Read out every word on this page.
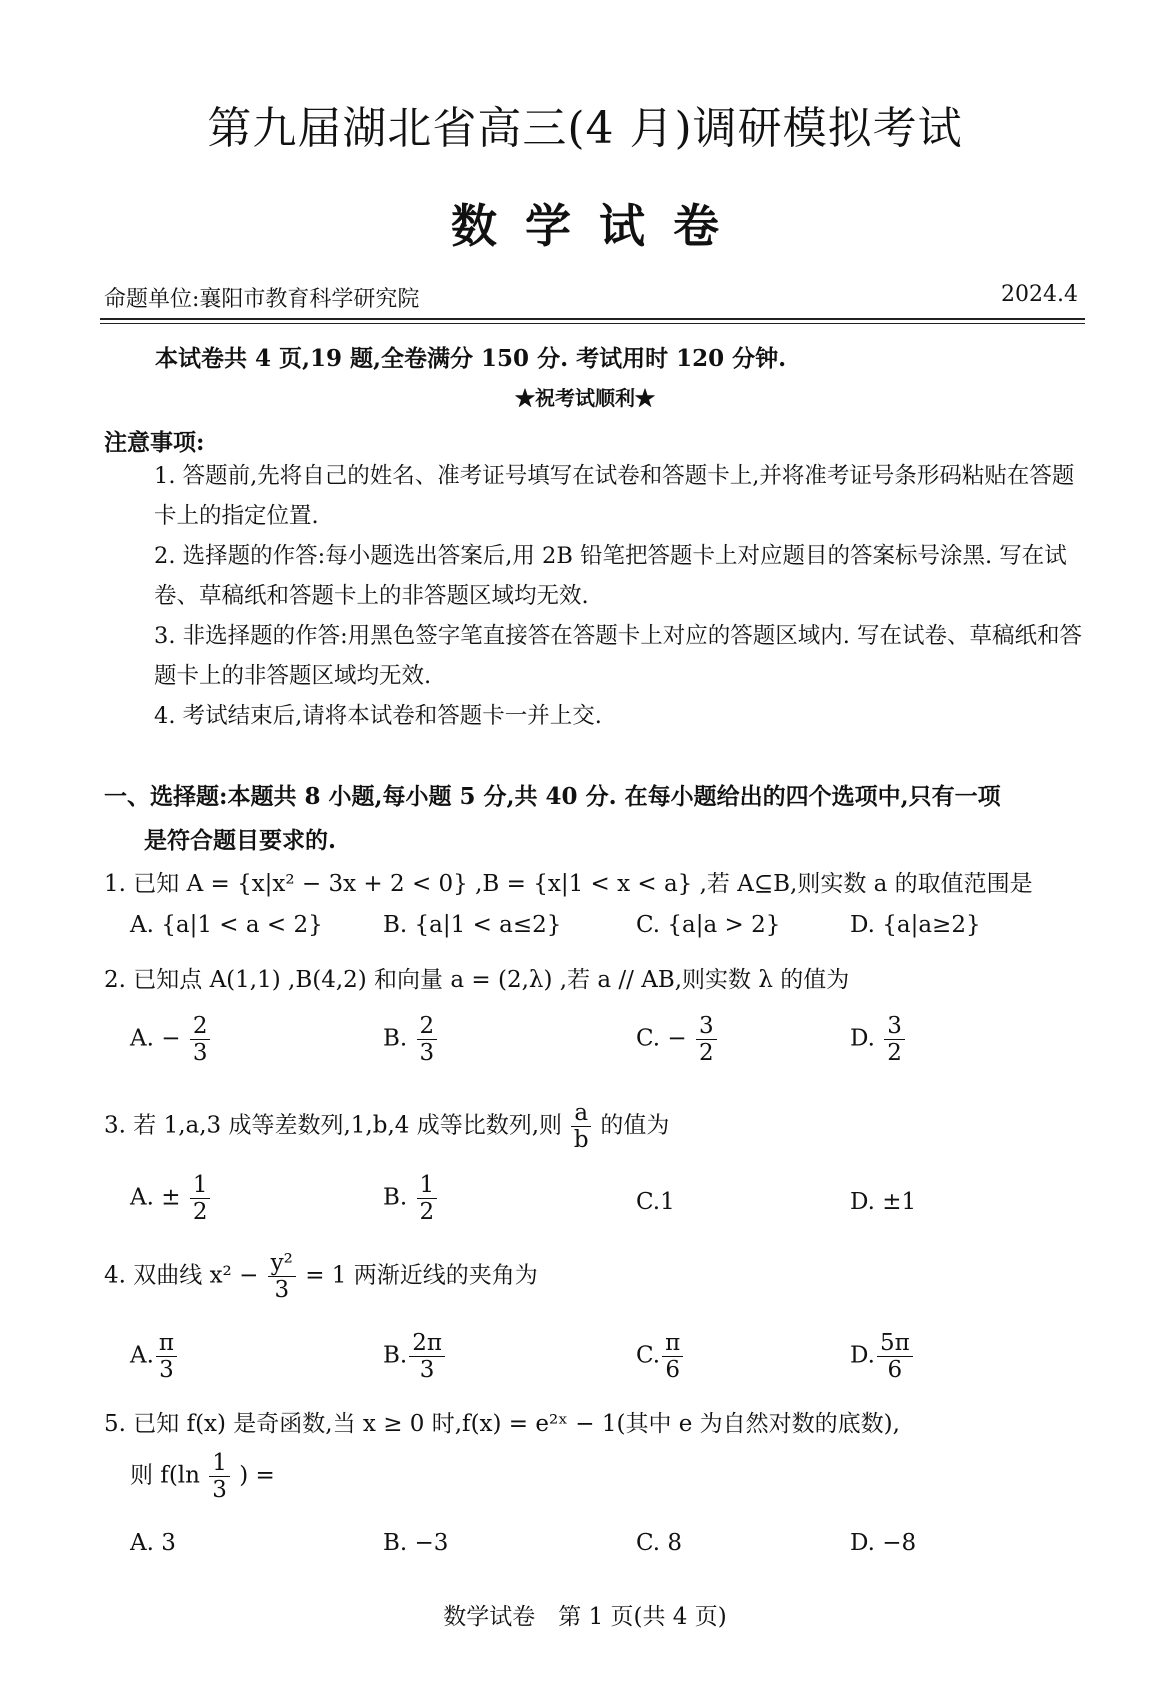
第九届湖北省高三(4 月)调研模拟考试
数学试卷
命题单位:襄阳市教育科学研究院	2024.4
本试卷共 4 页,19 题,全卷满分 150 分. 考试用时 120 分钟.
★祝考试顺利★
注意事项:
1. 答题前,先将自己的姓名、准考证号填写在试卷和答题卡上,并将准考证号条形码粘贴在答题卡上的指定位置.
2. 选择题的作答:每小题选出答案后,用 2B 铅笔把答题卡上对应题目的答案标号涂黑. 写在试卷、草稿纸和答题卡上的非答题区域均无效.
3. 非选择题的作答:用黑色签字笔直接答在答题卡上对应的答题区域内. 写在试卷、草稿纸和答题卡上的非答题区域均无效.
4. 考试结束后,请将本试卷和答题卡一并上交.
一、选择题:本题共 8 小题,每小题 5 分,共 40 分. 在每小题给出的四个选项中,只有一项
是符合题目要求的.
1. 已知 A = {x|x² − 3x + 2 < 0} ,B = {x|1 < x < a} ,若 A⊆B,则实数 a 的取值范围是
A. {a|1 < a < 2}	B. {a|1 < a≤2}	C. {a|a > 2}	D. {a|a≥2}
2. 已知点 A(1,1) ,B(4,2) 和向量 a = (2,λ) ,若 a // AB,则实数 λ 的值为
A. − $\frac{2}{3}$	B. $\frac{2}{3}$	C. − $\frac{3}{2}$	D. $\frac{3}{2}$
3. 若 1,a,3 成等差数列,1,b,4 成等比数列,则 $\frac{a}{b}$ 的值为
A. ± $\frac{1}{2}$	B. $\frac{1}{2}$	C.1	D. ±1
4. 双曲线 $x^2 - \frac{\text{y²}}{3} = 1$ 两渐近线的夹角为
A. $\frac{\pi}{3}$	B. $\frac{2\pi}{3}$	C. $\frac{\pi}{6}$	D. $\frac{5\pi}{6}$
5. 已知 f(x) 是奇函数,当 x ≥ 0 时,f(x) = e²ˣ − 1(其中 e 为自然对数的底数),
则 $f(\ln \frac{1}{3}$ ) =
A. 3	B. −3	C. 8	D. −8
数学试卷　第 1 页(共 4 页)
